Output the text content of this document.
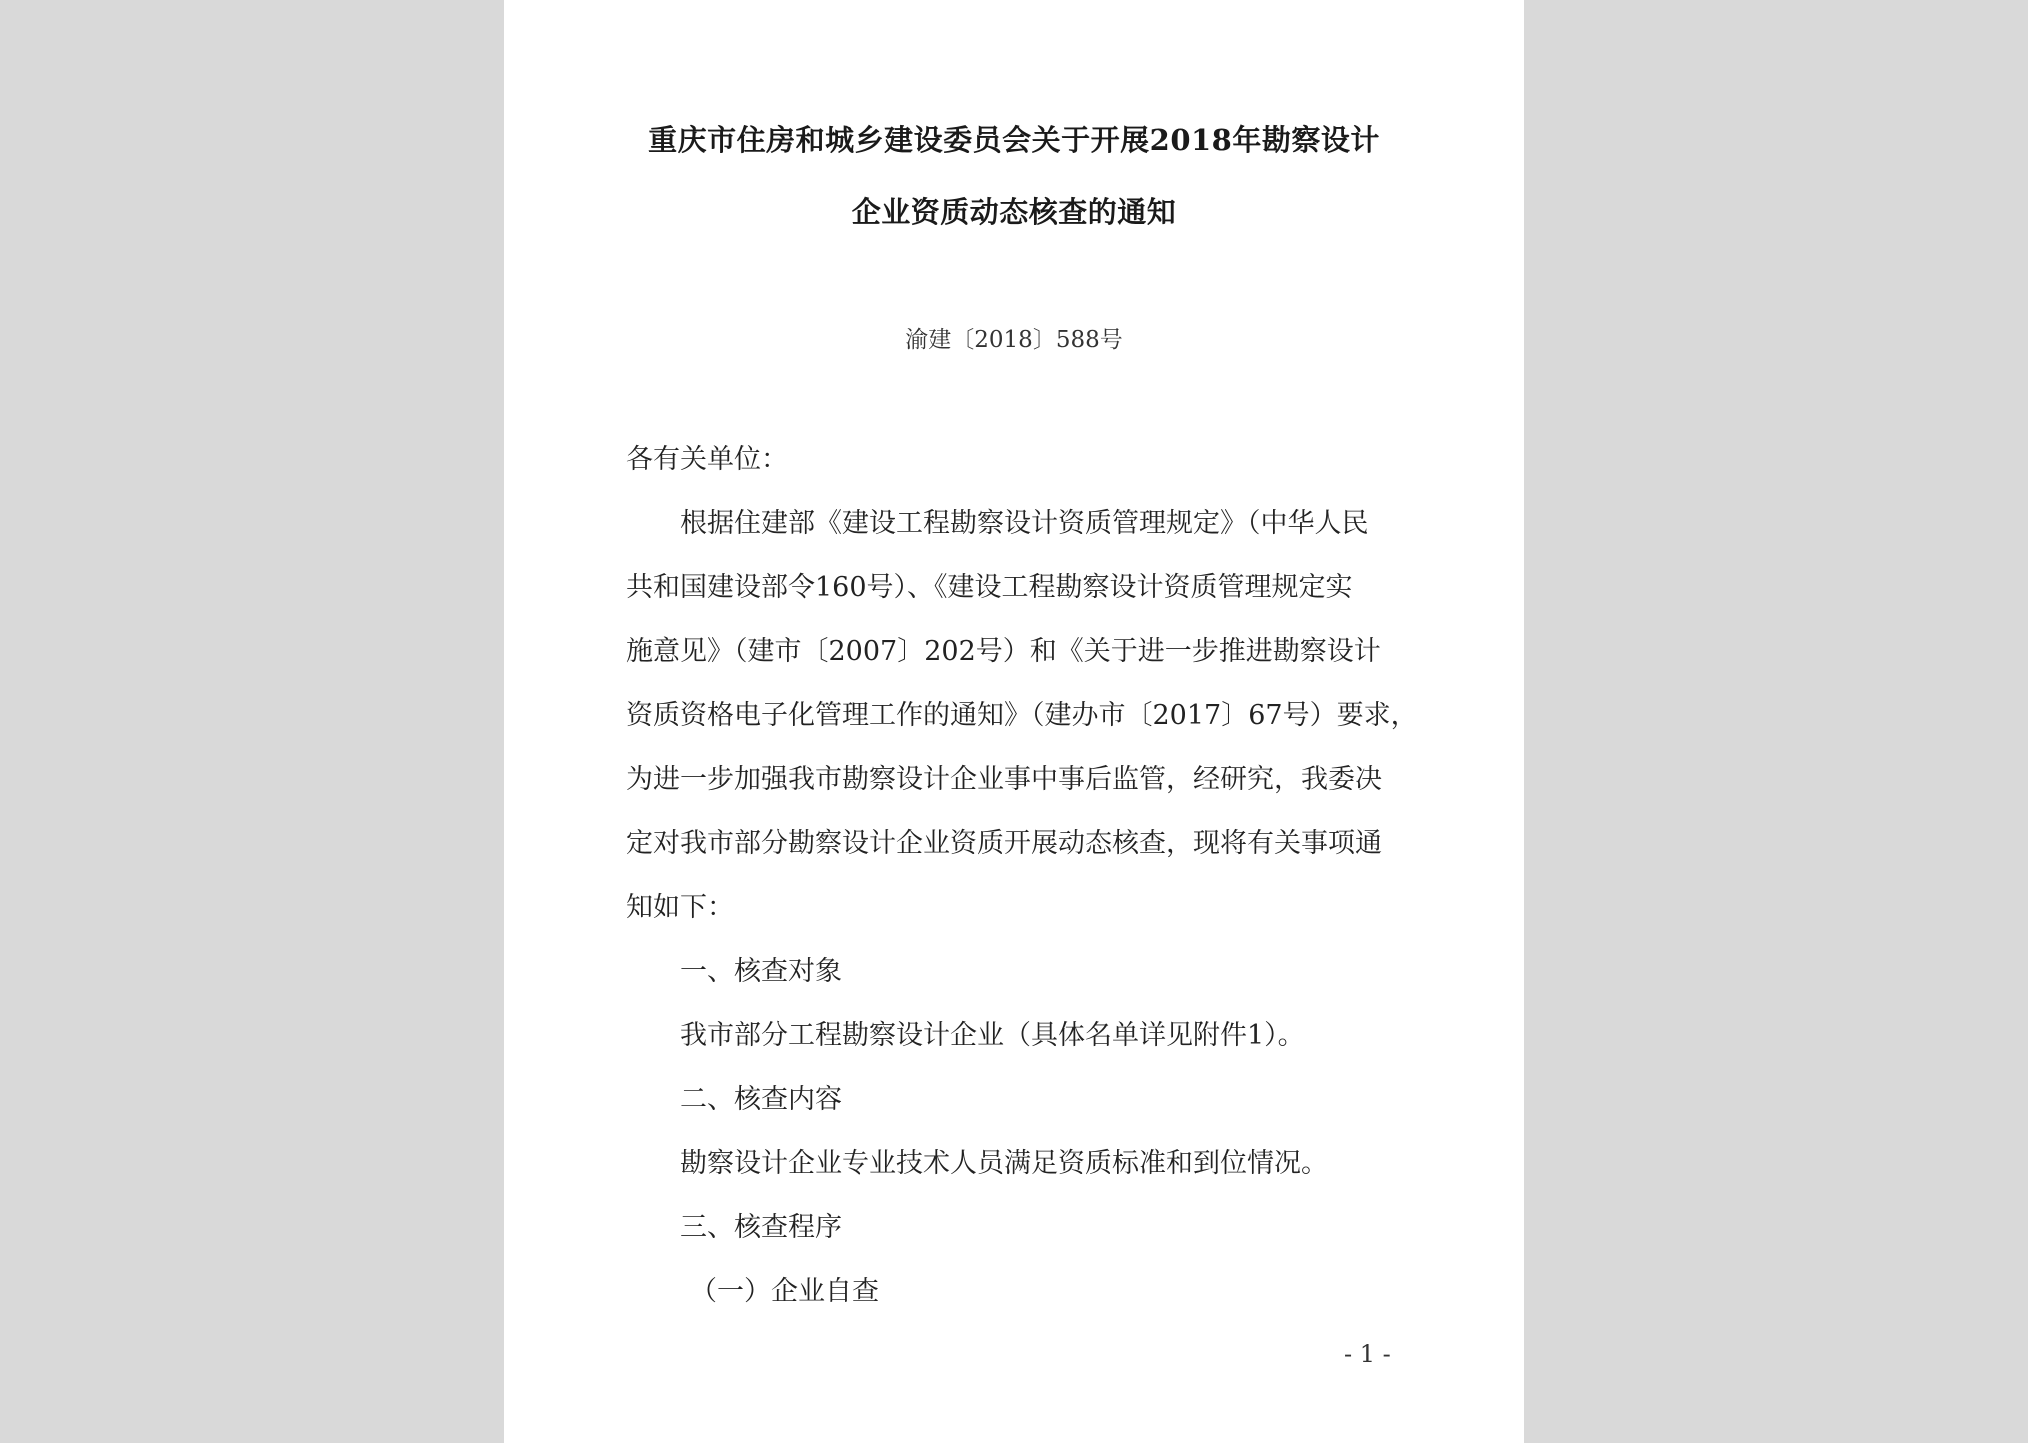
重庆市住房和城乡建设委员会关于开展2018年勘察设计
企业资质动态核查的通知
渝建〔2018〕588号
各有关单位：
根据住建部《建设工程勘察设计资质管理规定》（中华人民
共和国建设部令160号）、《建设工程勘察设计资质管理规定实
施意见》（建市〔2007〕202号）和《关于进一步推进勘察设计
资质资格电子化管理工作的通知》（建办市〔2017〕67号）要求，
为进一步加强我市勘察设计企业事中事后监管，经研究，我委决
定对我市部分勘察设计企业资质开展动态核查，现将有关事项通
知如下：
一、核查对象
我市部分工程勘察设计企业（具体名单详见附件1）。
二、核查内容
勘察设计企业专业技术人员满足资质标准和到位情况。
三、核查程序
（一）企业自查
- 1 -
